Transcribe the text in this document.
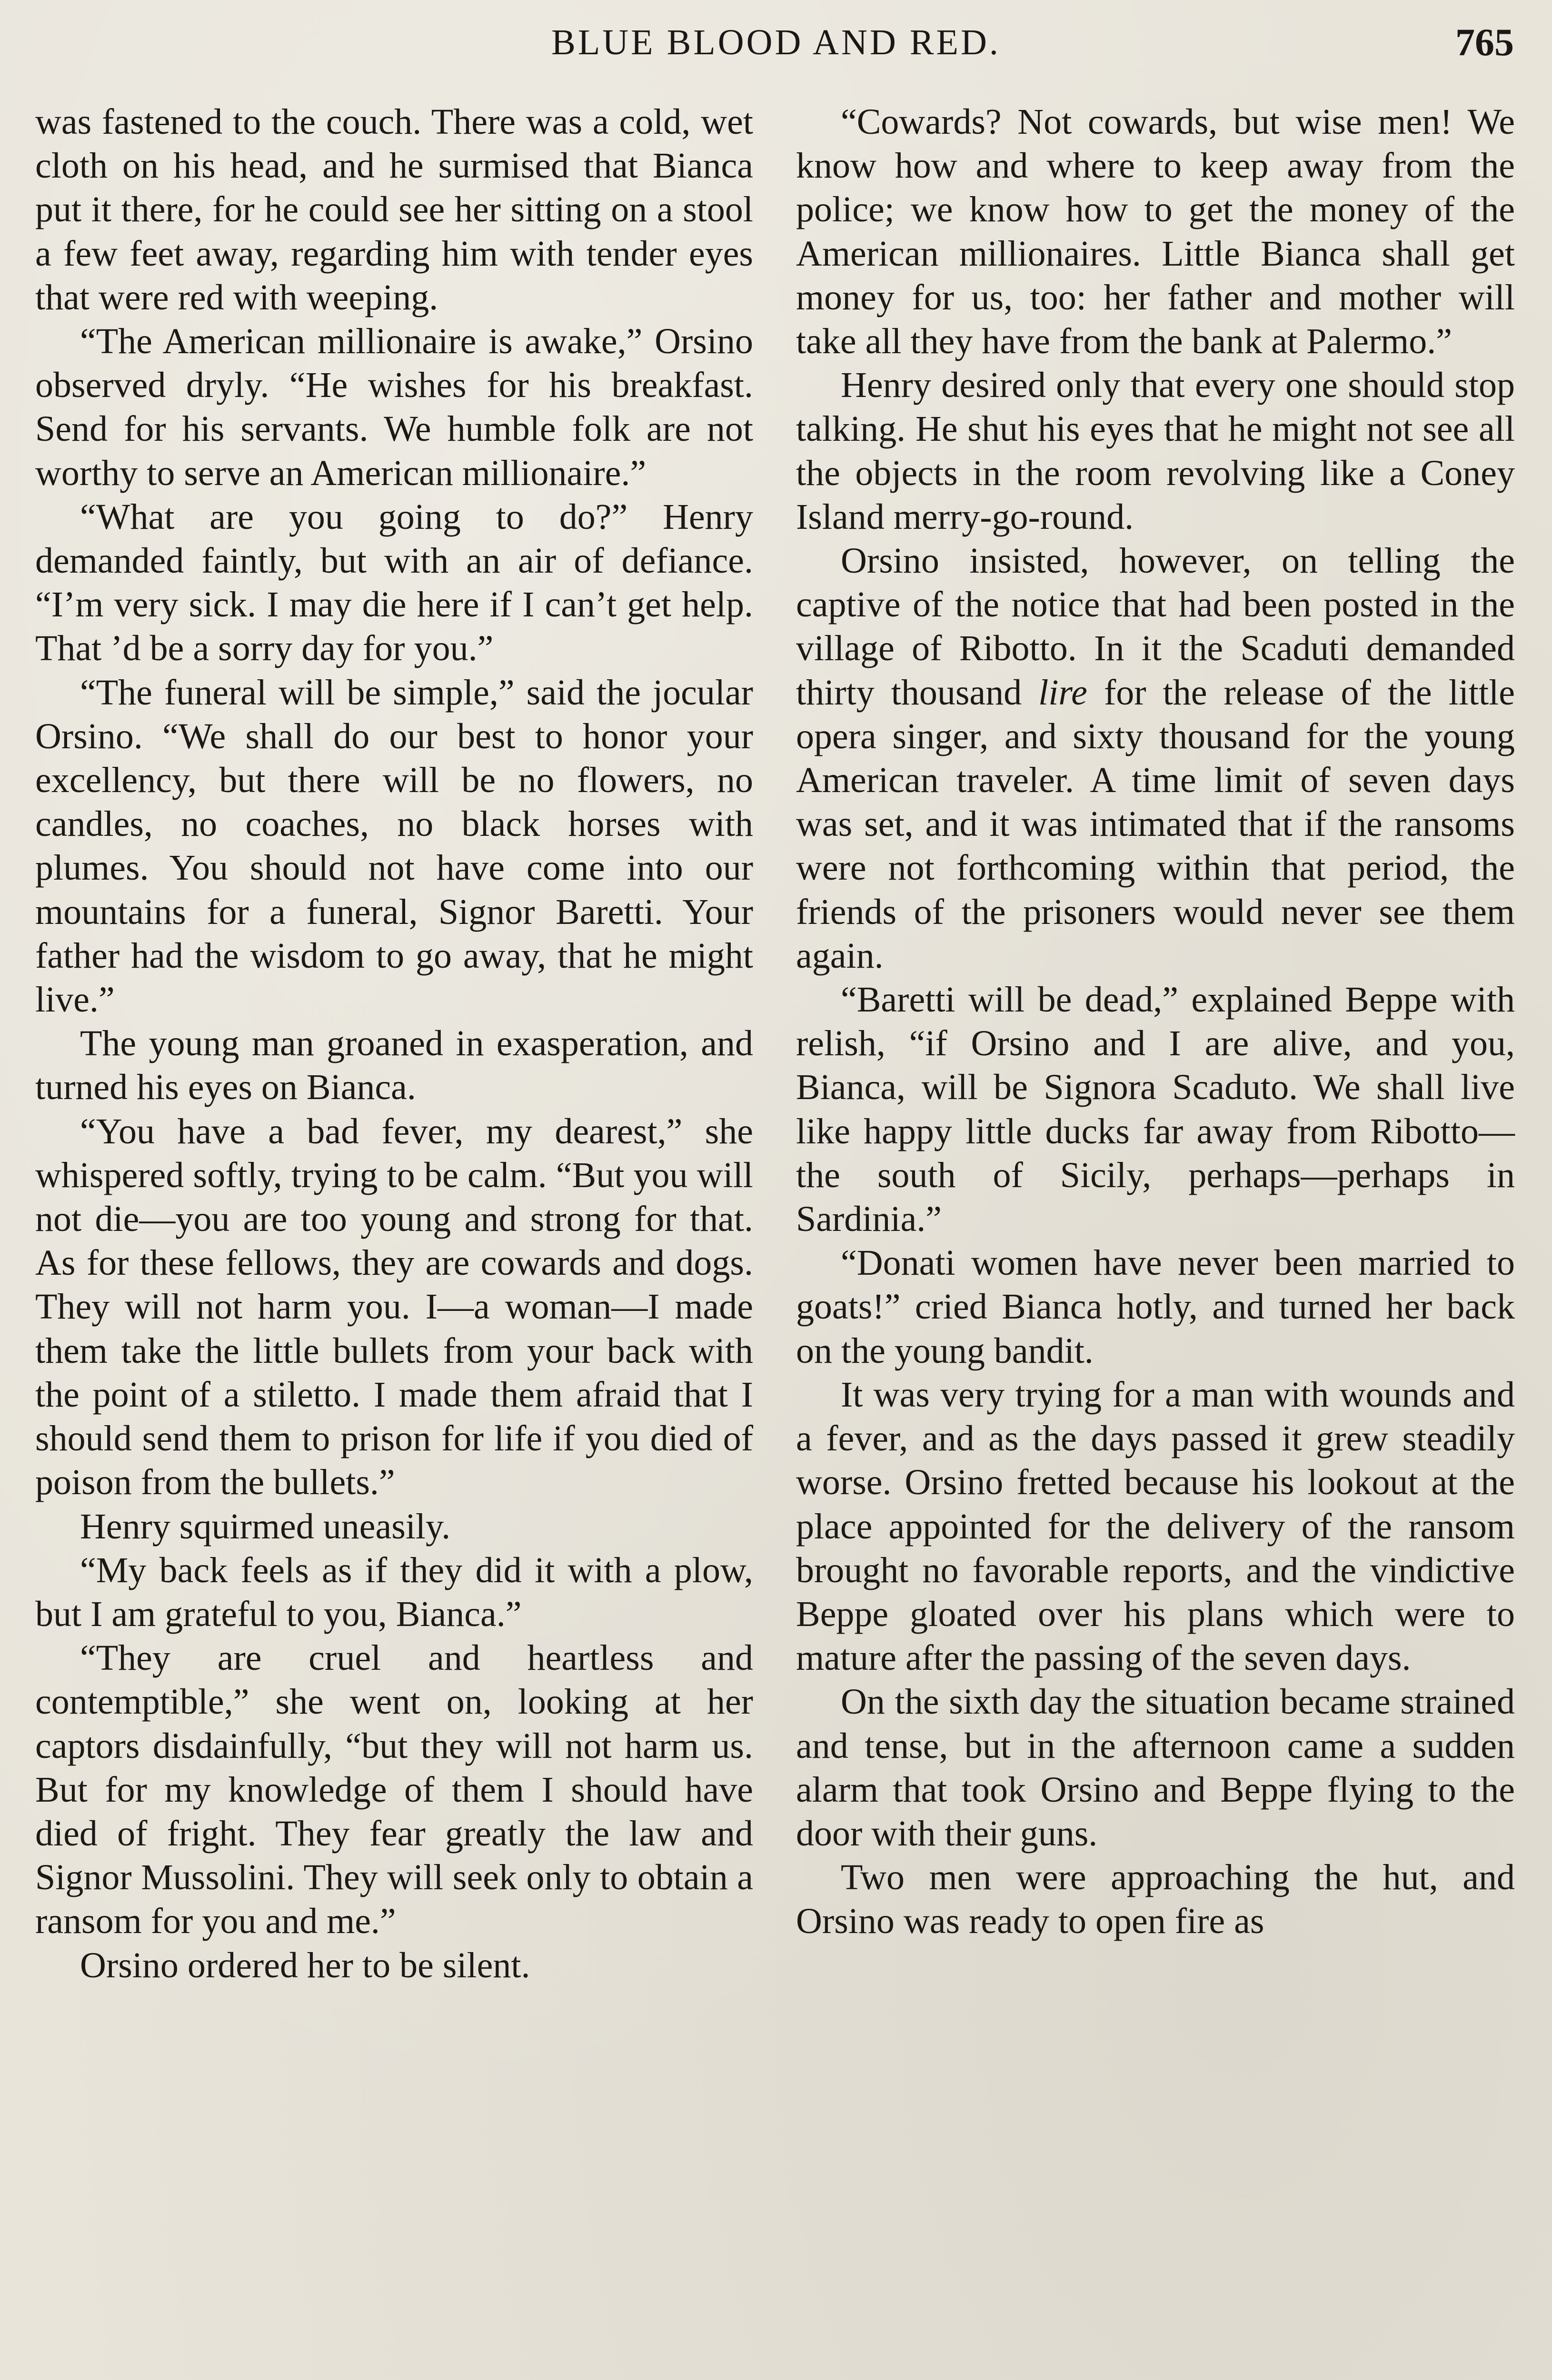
BLUE BLOOD AND RED.	765

was fastened to the couch. There was a cold, wet cloth on his head, and he surmised that Bianca put it there, for he could see her sitting on a stool a few feet away, regarding him with tender eyes that were red with weeping.

“The American millionaire is awake,” Orsino observed dryly. “He wishes for his breakfast. Send for his servants. We humble folk are not worthy to serve an American millionaire.”

“What are you going to do?” Henry demanded faintly, but with an air of defiance. “I’m very sick. I may die here if I can’t get help. That ’d be a sorry day for you.”

“The funeral will be simple,” said the jocular Orsino. “We shall do our best to honor your excellency, but there will be no flowers, no candles, no coaches, no black horses with plumes. You should not have come into our mountains for a funeral, Signor Baretti. Your father had the wisdom to go away, that he might live.”

The young man groaned in exasperation, and turned his eyes on Bianca.

“You have a bad fever, my dearest,” she whispered softly, trying to be calm. “But you will not die—you are too young and strong for that. As for these fellows, they are cowards and dogs. They will not harm you. I—a woman—I made them take the little bullets from your back with the point of a stiletto. I made them afraid that I should send them to prison for life if you died of poison from the bullets.”

Henry squirmed uneasily.

“My back feels as if they did it with a plow, but I am grateful to you, Bianca.”

“They are cruel and heartless and contemptible,” she went on, looking at her captors disdainfully, “but they will not harm us. But for my knowledge of them I should have died of fright. They fear greatly the law and Signor Mussolini. They will seek only to obtain a ransom for you and me.”

Orsino ordered her to be silent.

“Cowards? Not cowards, but wise men! We know how and where to keep away from the police; we know how to get the money of the American millionaires. Little Bianca shall get money for us, too: her father and mother will take all they have from the bank at Palermo.”

Henry desired only that every one should stop talking. He shut his eyes that he might not see all the objects in the room revolving like a Coney Island merry-go-round.

Orsino insisted, however, on telling the captive of the notice that had been posted in the village of Ribotto. In it the Scaduti demanded thirty thousand lire for the release of the little opera singer, and sixty thousand for the young American traveler. A time limit of seven days was set, and it was intimated that if the ransoms were not forthcoming within that period, the friends of the prisoners would never see them again.

“Baretti will be dead,” explained Beppe with relish, “if Orsino and I are alive, and you, Bianca, will be Signora Scaduto. We shall live like happy little ducks far away from Ribotto—the south of Sicily, perhaps—perhaps in Sardinia.”

“Donati women have never been married to goats!” cried Bianca hotly, and turned her back on the young bandit.

It was very trying for a man with wounds and a fever, and as the days passed it grew steadily worse. Orsino fretted because his lookout at the place appointed for the delivery of the ransom brought no favorable reports, and the vindictive Beppe gloated over his plans which were to mature after the passing of the seven days.

On the sixth day the situation became strained and tense, but in the afternoon came a sudden alarm that took Orsino and Beppe flying to the door with their guns.

Two men were approaching the hut, and Orsino was ready to open fire as
